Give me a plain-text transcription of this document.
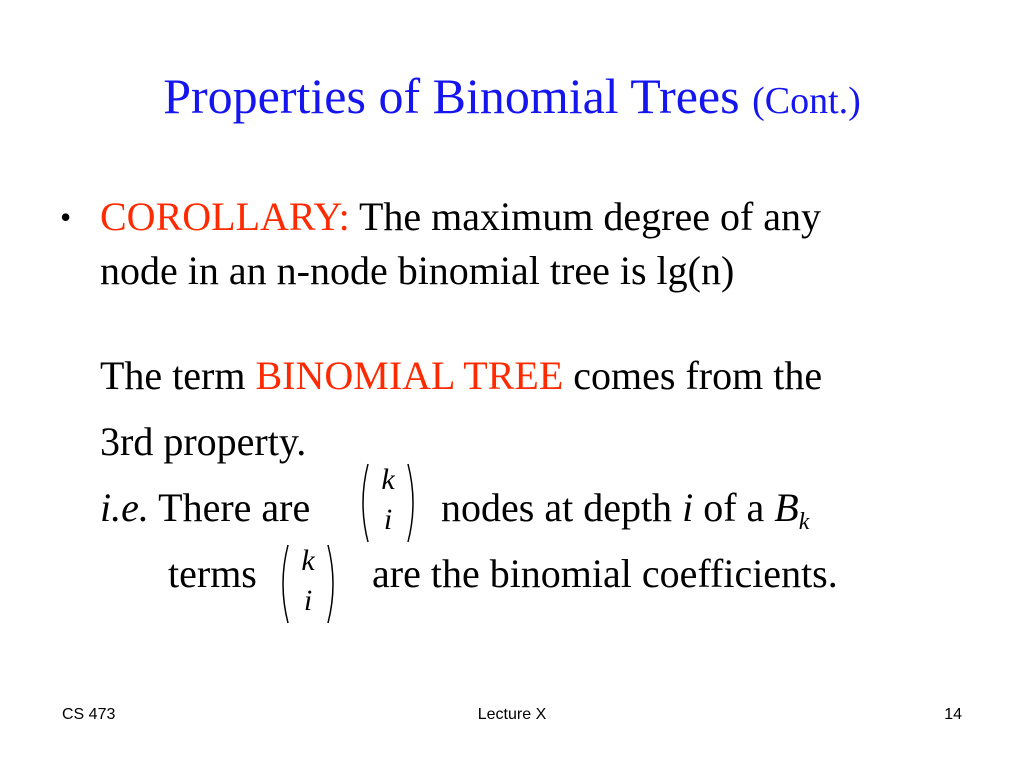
Properties of Binomial Trees (Cont.)
• COROLLARY: The maximum degree of any
node in an n-node binomial tree is lg(n)
The term BINOMIAL TREE comes from the
3rd property.
i.e. There are
k
i	nodes at depth i of a $B_k$
terms	k
i
are the binomial coefficients.
CS 473	Lecture X	14
